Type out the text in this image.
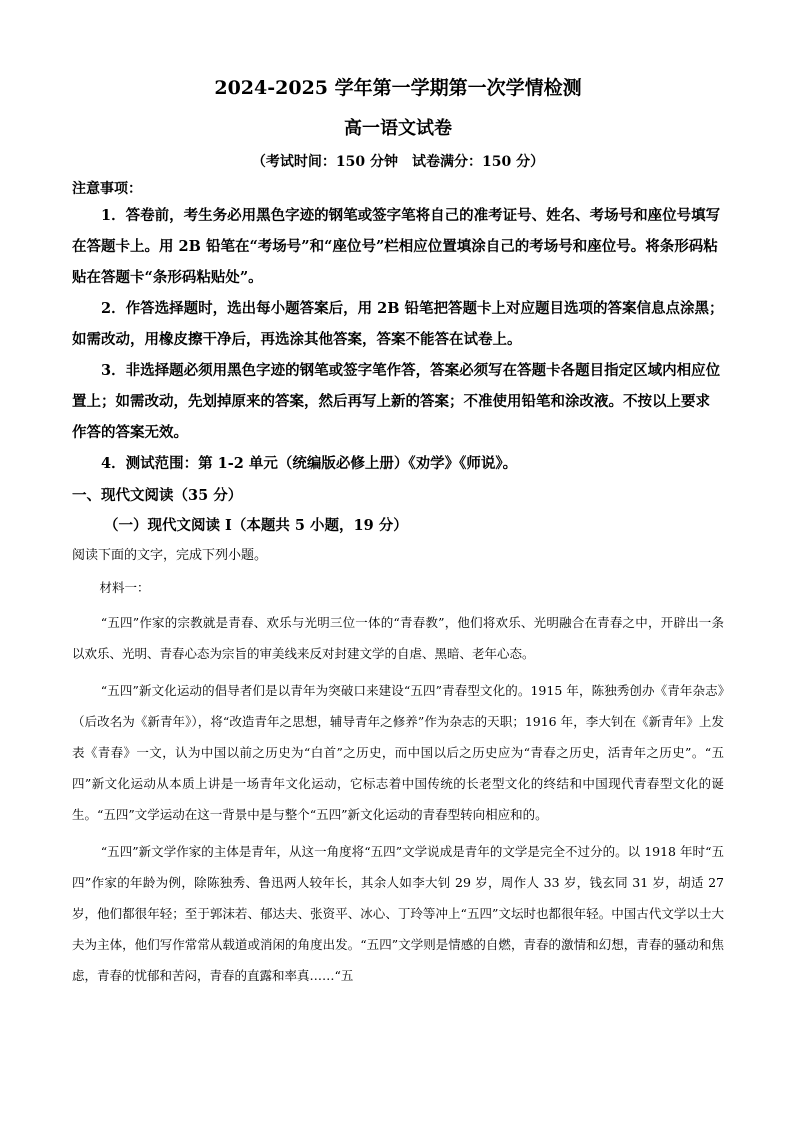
2024-2025 学年第一学期第一次学情检测
高一语文试卷
（考试时间：150 分钟　试卷满分：150 分）
注意事项：

1．答卷前，考生务必用黑色字迹的钢笔或签字笔将自己的准考证号、姓名、考场号和座位号填写在答题卡上。用 2B 铅笔在“考场号”和“座位号”栏相应位置填涂自己的考场号和座位号。将条形码粘贴在答题卡“条形码粘贴处”。

2．作答选择题时，选出每小题答案后，用 2B 铅笔把答题卡上对应题目选项的答案信息点涂黑；如需改动，用橡皮擦干净后，再选涂其他答案，答案不能答在试卷上。

3．非选择题必须用黑色字迹的钢笔或签字笔作答，答案必须写在答题卡各题目指定区域内相应位置上；如需改动，先划掉原来的答案，然后再写上新的答案；不准使用铅笔和涂改液。不按以上要求作答的答案无效。

4．测试范围：第 1-2 单元（统编版必修上册）《劝学》《师说》。

一、现代文阅读（35 分）
（一）现代文阅读 I（本题共 5 小题，19 分）
阅读下面的文字，完成下列小题。
材料一：

“五四”作家的宗教就是青春、欢乐与光明三位一体的“青春教”，他们将欢乐、光明融合在青春之中，开辟出一条以欢乐、光明、青春心态为宗旨的审美线来反对封建文学的自虐、黑暗、老年心态。

“五四”新文化运动的倡导者们是以青年为突破口来建设“五四”青春型文化的。1915 年，陈独秀创办《青年杂志》（后改名为《新青年》），将“改造青年之思想，辅导青年之修养”作为杂志的天职；1916 年，李大钊在《新青年》上发表《青春》一文，认为中国以前之历史为“白首”之历史，而中国以后之历史应为“青春之历史，活青年之历史”。“五四”新文化运动从本质上讲是一场青年文化运动，它标志着中国传统的长老型文化的终结和中国现代青春型文化的诞生。“五四”文学运动在这一背景中是与整个“五四”新文化运动的青春型转向相应和的。

“五四”新文学作家的主体是青年，从这一角度将“五四”文学说成是青年的文学是完全不过分的。以 1918 年时“五四”作家的年龄为例，除陈独秀、鲁迅两人较年长，其余人如李大钊 29 岁，周作人 33 岁，钱玄同 31 岁，胡适 27 岁，他们都很年轻；至于郭沫若、郁达夫、张资平、冰心、丁玲等冲上“五四”文坛时也都很年轻。中国古代文学以士大夫为主体，他们写作常常从载道或消闲的角度出发。“五四”文学则是情感的自燃，青春的激情和幻想，青春的骚动和焦虑，青春的忧郁和苦闷，青春的直露和率真……“五
